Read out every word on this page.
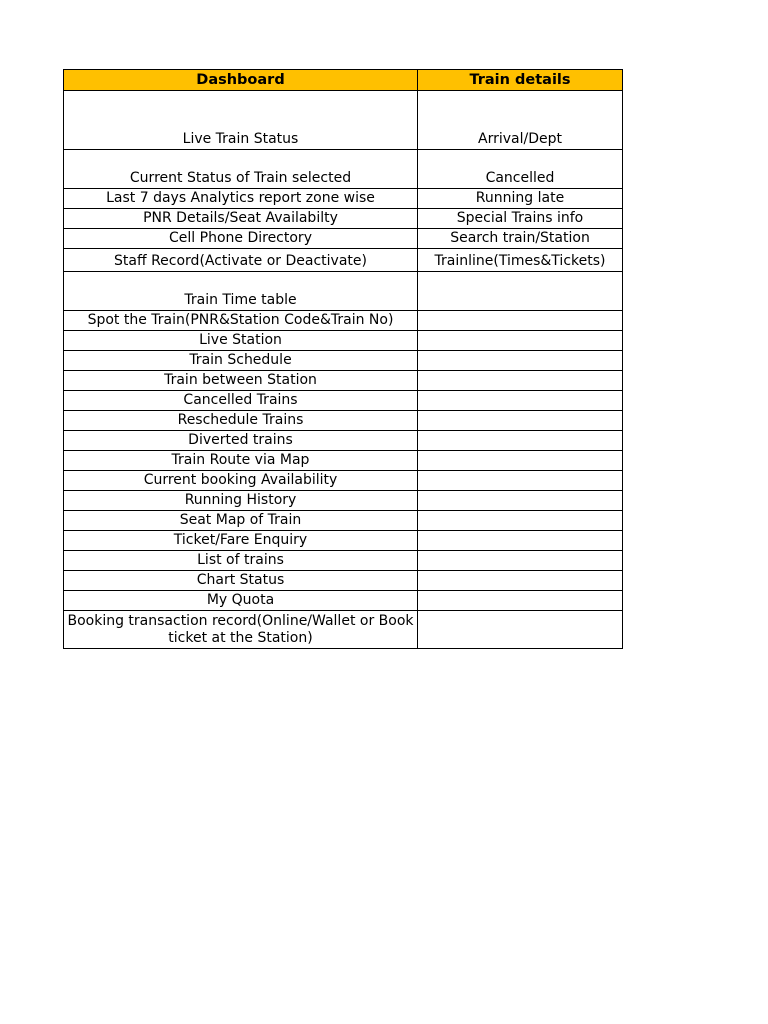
Dashboard	Train details
Live Train Status	Arrival/Dept
Current Status of Train selected	Cancelled
Last 7 days Analytics report zone wise	Running late
PNR Details/Seat Availabilty	Special Trains info
Cell Phone Directory	Search train/Station
Staff Record(Activate or Deactivate)	Trainline(Times&Tickets)
Train Time table	
Spot the Train(PNR&Station Code&Train No)	
Live Station	
Train Schedule	
Train between Station	
Cancelled Trains	
Reschedule Trains	
Diverted trains	
Train Route via Map	
Current booking Availability	
Running History	
Seat Map of Train	
Ticket/Fare Enquiry	
List of trains	
Chart Status	
My Quota	
Booking transaction record(Online/Wallet or Book ticket at the Station)	
